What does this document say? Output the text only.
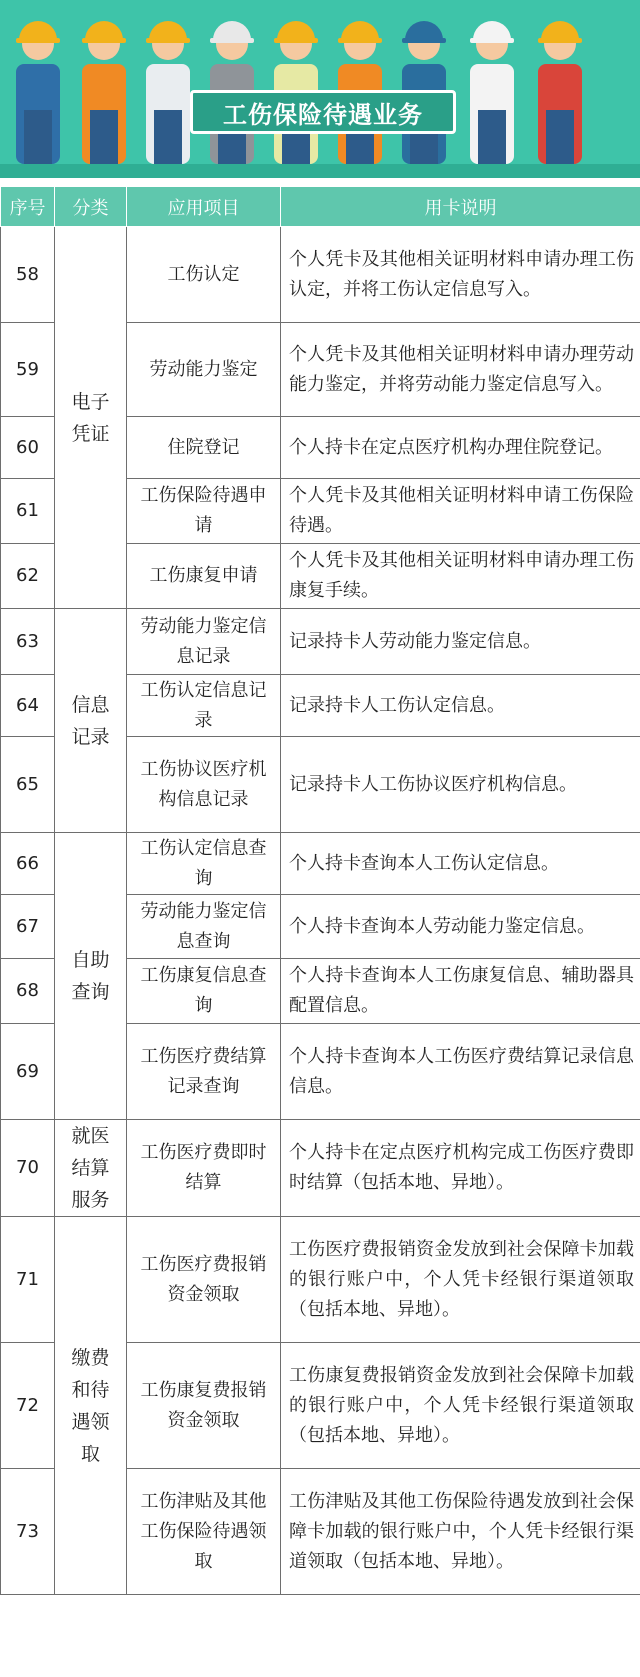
工伤保险待遇业务
序号	分类	应用项目	用卡说明
58	电子凭证	工伤认定	个人凭卡及其他相关证明材料申请办理工伤认定，并将工伤认定信息写入。
59		劳动能力鉴定	个人凭卡及其他相关证明材料申请办理劳动能力鉴定，并将劳动能力鉴定信息写入。
60		住院登记	个人持卡在定点医疗机构办理住院登记。
61		工伤保险待遇申请	个人凭卡及其他相关证明材料申请工伤保险待遇。
62		工伤康复申请	个人凭卡及其他相关证明材料申请办理工伤康复手续。
63	信息记录	劳动能力鉴定信息记录	记录持卡人劳动能力鉴定信息。
64		工伤认定信息记录	记录持卡人工伤认定信息。
65		工伤协议医疗机构信息记录	记录持卡人工伤协议医疗机构信息。
66	自助查询	工伤认定信息查询	个人持卡查询本人工伤认定信息。
67		劳动能力鉴定信息查询	个人持卡查询本人劳动能力鉴定信息。
68		工伤康复信息查询	个人持卡查询本人工伤康复信息、辅助器具配置信息。
69		工伤医疗费结算记录查询	个人持卡查询本人工伤医疗费结算记录信息信息。
70	就医结算服务	工伤医疗费即时结算	个人持卡在定点医疗机构完成工伤医疗费即时结算（包括本地、异地）。
71	缴费和待遇领取	工伤医疗费报销资金领取	工伤医疗费报销资金发放到社会保障卡加载的银行账户中，个人凭卡经银行渠道领取（包括本地、异地）。
72		工伤康复费报销资金领取	工伤康复费报销资金发放到社会保障卡加载的银行账户中，个人凭卡经银行渠道领取（包括本地、异地）。
73		工伤津贴及其他工伤保险待遇领取	工伤津贴及其他工伤保险待遇发放到社会保障卡加载的银行账户中，个人凭卡经银行渠道领取（包括本地、异地）。
